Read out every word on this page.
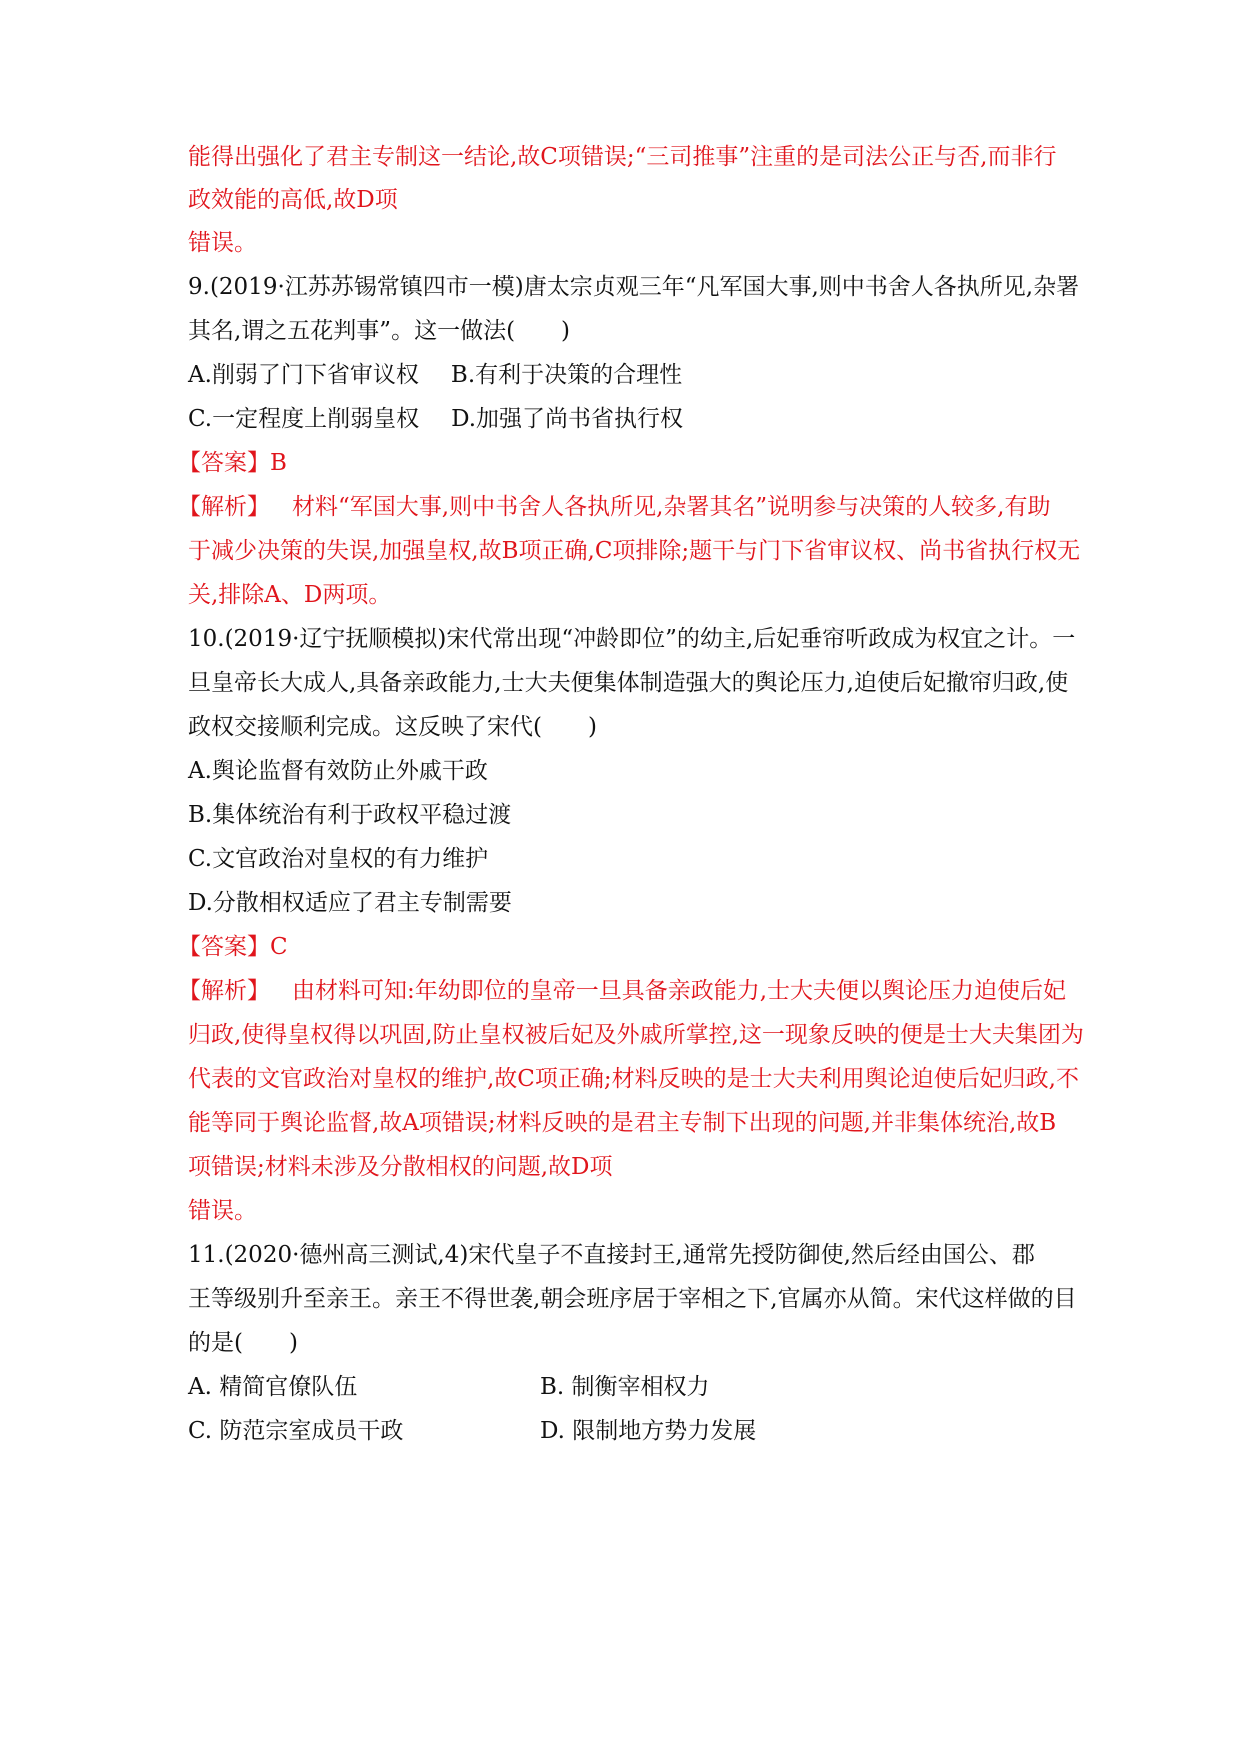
能得出强化了君主专制这一结论,故C项错误;“三司推事”注重的是司法公正与否,而非行
政效能的高低,故D项
错误。
9.(2019·江苏苏锡常镇四市一模)唐太宗贞观三年“凡军国大事,则中书舍人各执所见,杂署
其名,谓之五花判事”。这一做法(　　)
A.削弱了门下省审议权 B.有利于决策的合理性
C.一定程度上削弱皇权 D.加强了尚书省执行权
【答案】B
【解析】 材料“军国大事,则中书舍人各执所见,杂署其名”说明参与决策的人较多,有助
于减少决策的失误,加强皇权,故B项正确,C项排除;题干与门下省审议权、尚书省执行权无
关,排除A、D两项。
10.(2019·辽宁抚顺模拟)宋代常出现“冲龄即位”的幼主,后妃垂帘听政成为权宜之计。一
旦皇帝长大成人,具备亲政能力,士大夫便集体制造强大的舆论压力,迫使后妃撤帘归政,使
政权交接顺利完成。这反映了宋代(　　)
A.舆论监督有效防止外戚干政
B.集体统治有利于政权平稳过渡
C.文官政治对皇权的有力维护
D.分散相权适应了君主专制需要
【答案】C
【解析】 由材料可知:年幼即位的皇帝一旦具备亲政能力,士大夫便以舆论压力迫使后妃
归政,使得皇权得以巩固,防止皇权被后妃及外戚所掌控,这一现象反映的便是士大夫集团为
代表的文官政治对皇权的维护,故C项正确;材料反映的是士大夫利用舆论迫使后妃归政,不
能等同于舆论监督,故A项错误;材料反映的是君主专制下出现的问题,并非集体统治,故B
项错误;材料未涉及分散相权的问题,故D项
错误。
11.(2020·德州高三测试,4)宋代皇子不直接封王,通常先授防御使,然后经由国公、郡
王等级别升至亲王。亲王不得世袭,朝会班序居于宰相之下,官属亦从简。宋代这样做的目
的是(　　)
A. 精简官僚队伍	B. 制衡宰相权力
C. 防范宗室成员干政	D. 限制地方势力发展
